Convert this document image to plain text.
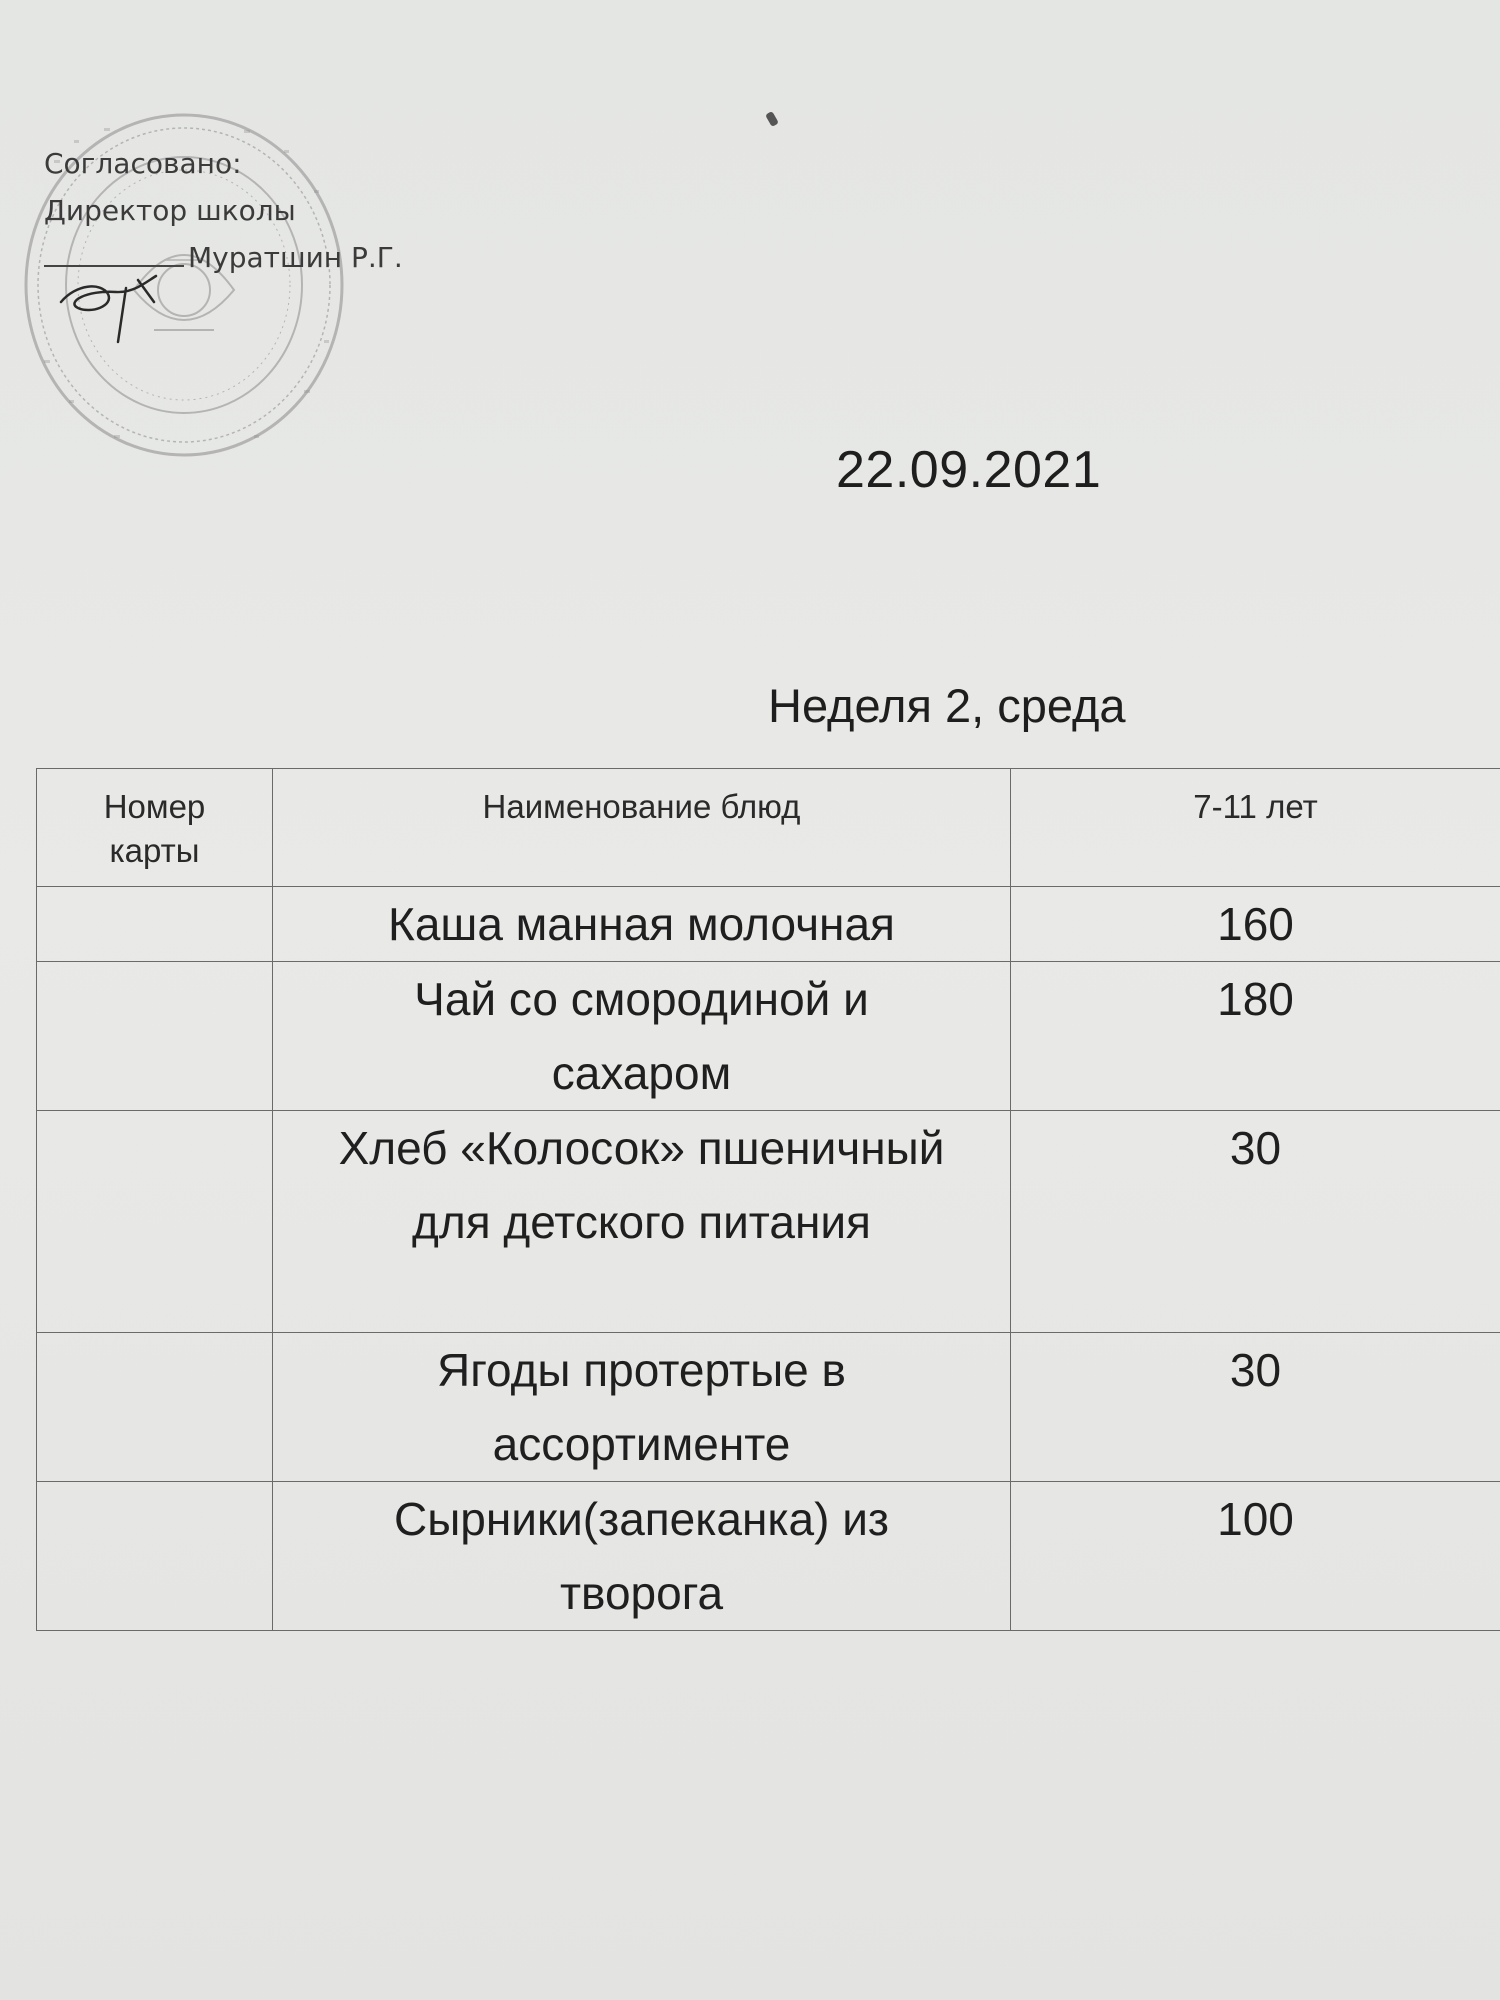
Согласовано:
Директор школы
Муратшин Р.Г.
22.09.2021
Неделя 2, среда
Номер карты	Наименование блюд	7-11 лет
	Каша манная молочная	160
	Чай со смородиной и сахаром	180
	Хлеб «Колосок» пшеничный для детского питания	30
	Ягоды протертые в ассортименте	30
	Сырники(запеканка) из творога	100
